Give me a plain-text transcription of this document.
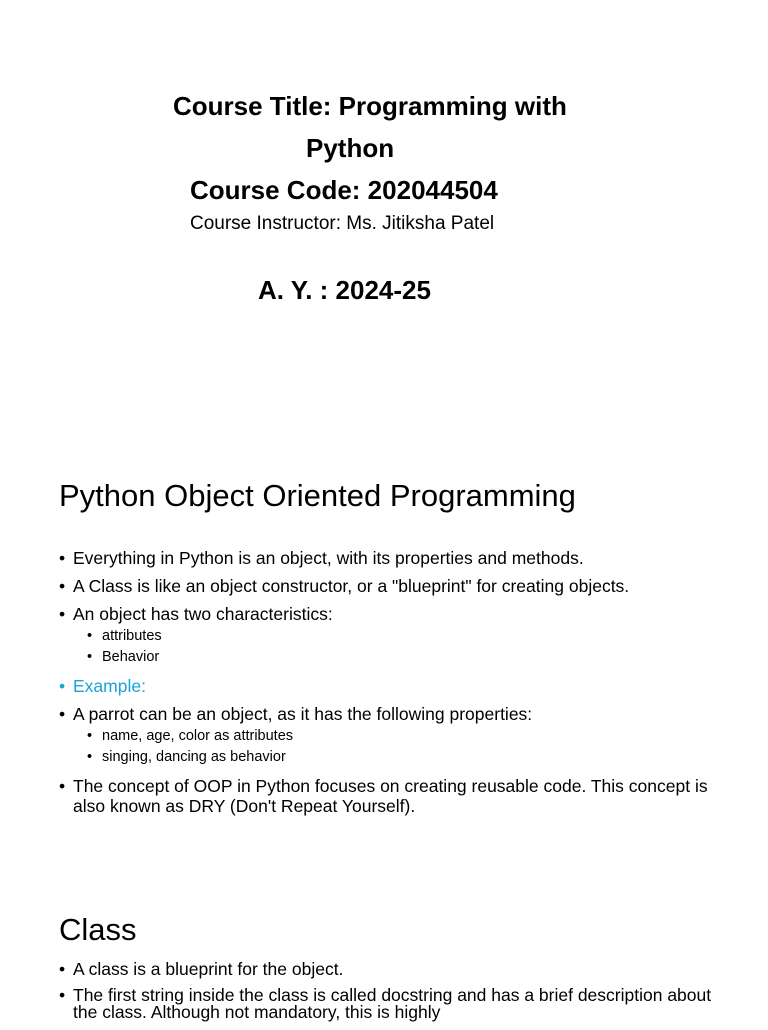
Course Title: Programming with
Python
Course Code: 202044504
Course Instructor: Ms. Jitiksha Patel
A. Y. : 2024-25
Python Object Oriented Programming
• Everything in Python is an object, with its properties and methods.
• A Class is like an object constructor, or a "blueprint" for creating objects.
• An object has two characteristics:
• attributes
• Behavior
• Example:
• A parrot can be an object, as it has the following properties:
• name, age, color as attributes
• singing, dancing as behavior
• The concept of OOP in Python focuses on creating reusable code. This concept is also known as DRY (Don't Repeat Yourself).
Class
• A class is a blueprint for the object.
• The first string inside the class is called docstring and has a brief description about the class. Although not mandatory, this is highly
